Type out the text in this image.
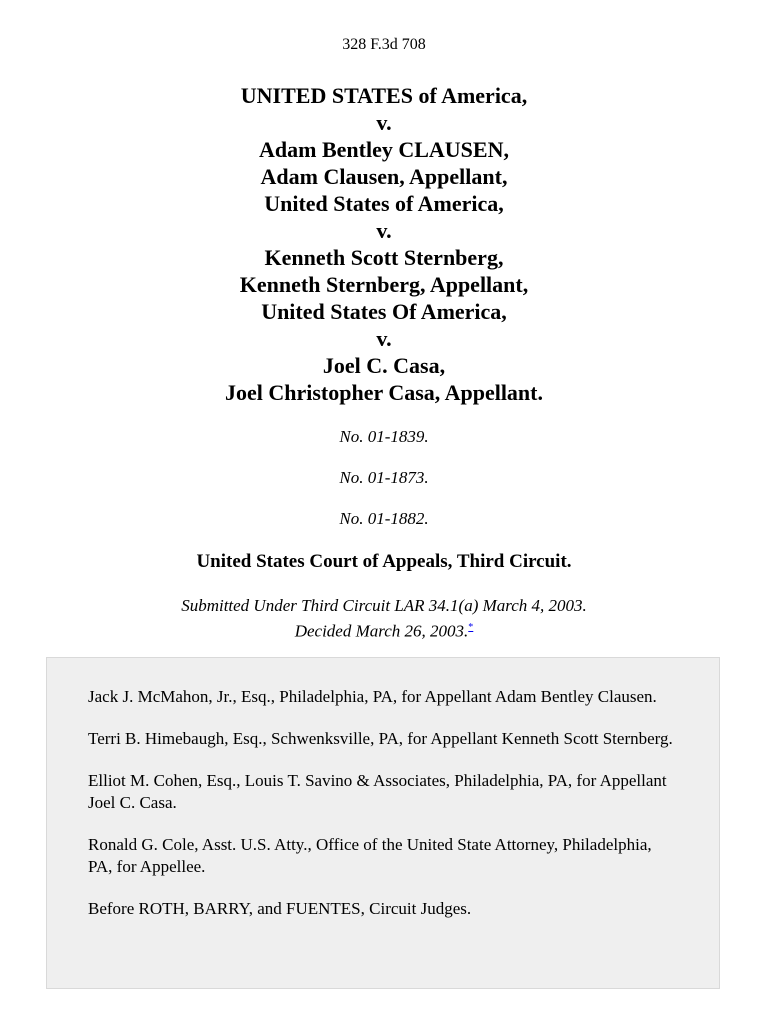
328 F.3d 708
UNITED STATES of America,
v.
Adam Bentley CLAUSEN,
Adam Clausen, Appellant,
United States of America,
v.
Kenneth Scott Sternberg,
Kenneth Sternberg, Appellant,
United States Of America,
v.
Joel C. Casa,
Joel Christopher Casa, Appellant.
No. 01-1839.
No. 01-1873.
No. 01-1882.
United States Court of Appeals, Third Circuit.
Submitted Under Third Circuit LAR 34.1(a) March 4, 2003.
Decided March 26, 2003.*

Jack J. McMahon, Jr., Esq., Philadelphia, PA, for Appellant Adam Bentley Clausen.

Terri B. Himebaugh, Esq., Schwenksville, PA, for Appellant Kenneth Scott Sternberg.

Elliot M. Cohen, Esq., Louis T. Savino & Associates, Philadelphia, PA, for Appellant Joel C. Casa.

Ronald G. Cole, Asst. U.S. Atty., Office of the United State Attorney, Philadelphia, PA, for Appellee.

Before ROTH, BARRY, and FUENTES, Circuit Judges.
